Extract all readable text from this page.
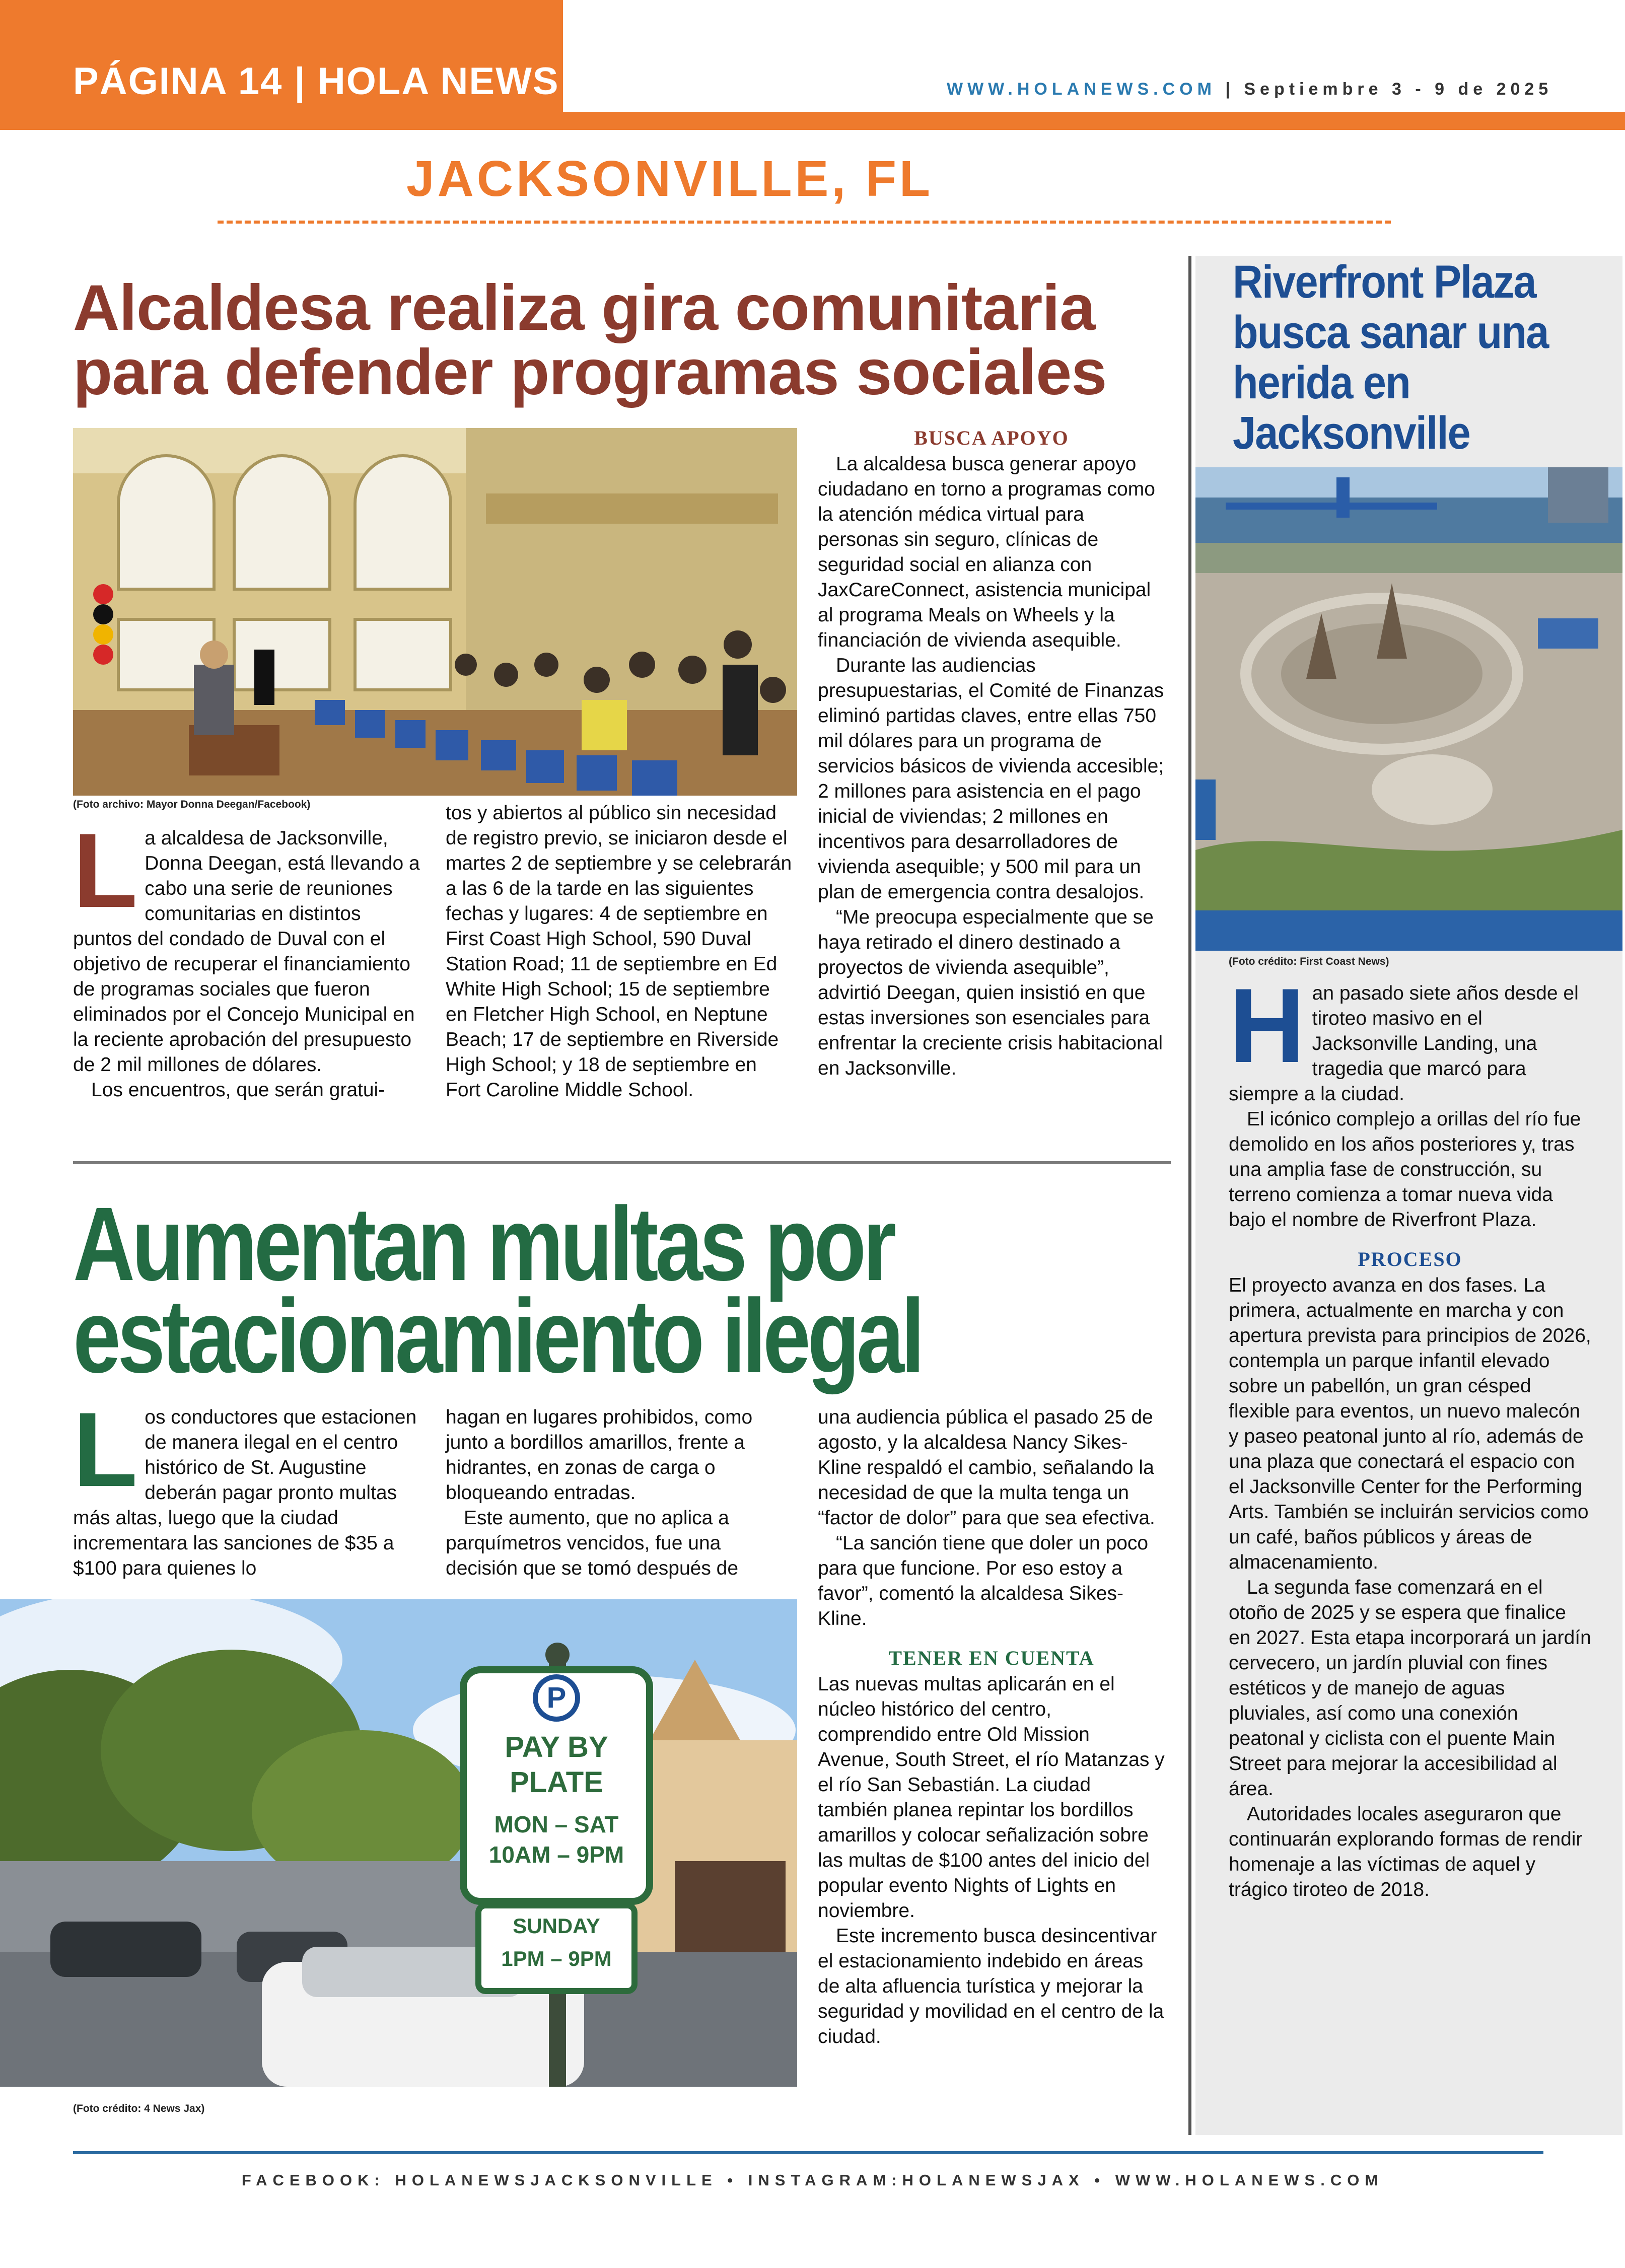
PÁGINA 14 | HOLA NEWS	WWW.HOLANEWS.COM | Septiembre 3 - 9 de 2025
JACKSONVILLE, FL
Alcaldesa realiza gira comunitaria
para defender programas sociales
(Foto archivo: Mayor Donna Deegan/Facebook)

La alcaldesa de Jacksonville, Donna Deegan, está llevando a cabo una serie de reuniones comunitarias en distintos puntos del condado de Duval con el objetivo de recuperar el financiamiento de programas sociales que fueron eliminados por el Concejo Municipal en la reciente aprobación del presupuesto de 2 mil millones de dólares.

Los encuentros, que serán gratui-

tos y abiertos al público sin necesidad de registro previo, se iniciaron desde el martes 2 de septiembre y se celebrarán a las 6 de la tarde en las siguientes fechas y lugares: 4 de septiembre en First Coast High School, 590 Duval Station Road; 11 de septiembre en Ed White High School; 15 de septiembre en Fletcher High School, en Neptune Beach; 17 de septiembre en Riverside High School; y 18 de septiembre en Fort Caroline Middle School.

BUSCA APOYO

La alcaldesa busca generar apoyo ciudadano en torno a programas como la atención médica virtual para personas sin seguro, clínicas de seguridad social en alianza con JaxCareConnect, asistencia municipal al programa Meals on Wheels y la financiación de vivienda asequible.

Durante las audiencias presupuestarias, el Comité de Finanzas eliminó partidas claves, entre ellas 750 mil dólares para un programa de servicios básicos de vivienda accesible; 2 millones para asistencia en el pago inicial de viviendas; 2 millones en incentivos para desarrolladores de vivienda asequible; y 500 mil para un plan de emergencia contra desalojos.

“Me preocupa especialmente que se haya retirado el dinero destinado a proyectos de vivienda asequible”, advirtió Deegan, quien insistió en que estas inversiones son esenciales para enfrentar la creciente crisis habitacional en Jacksonville.

Aumentan multas por
estacionamiento ilegal

Los conductores que estacionen de manera ilegal en el centro histórico de St. Augustine deberán pagar pronto multas más altas, luego que la ciudad incrementara las sanciones de $35 a $100 para quienes lo

hagan en lugares prohibidos, como junto a bordillos amarillos, frente a hidrantes, en zonas de carga o bloqueando entradas.

Este aumento, que no aplica a parquímetros vencidos, fue una decisión que se tomó después de

P
PAY BY
PLATE
MON – SAT
10AM – 9PM
SUNDAY
1PM – 9PM
(Foto crédito: 4 News Jax)

una audiencia pública el pasado 25 de agosto, y la alcaldesa Nancy Sikes-Kline respaldó el cambio, señalando la necesidad de que la multa tenga un “factor de dolor” para que sea efectiva.

“La sanción tiene que doler un poco para que funcione. Por eso estoy a favor”, comentó la alcaldesa Sikes-Kline.

TENER EN CUENTA

Las nuevas multas aplicarán en el núcleo histórico del centro, comprendido entre Old Mission Avenue, South Street, el río Matanzas y el río San Sebastián. La ciudad también planea repintar los bordillos amarillos y colocar señalización sobre las multas de $100 antes del inicio del popular evento Nights of Lights en noviembre.

Este incremento busca desincentivar el estacionamiento indebido en áreas de alta afluencia turística y mejorar la seguridad y movilidad en el centro de la ciudad.

Riverfront Plaza busca sanar una herida en Jacksonville
(Foto crédito: First Coast News)

Han pasado siete años desde el tiroteo masivo en el Jacksonville Landing, una tragedia que marcó para siempre a la ciudad.

El icónico complejo a orillas del río fue demolido en los años posteriores y, tras una amplia fase de construcción, su terreno comienza a tomar nueva vida bajo el nombre de Riverfront Plaza.

PROCESO

El proyecto avanza en dos fases. La primera, actualmente en marcha y con apertura prevista para principios de 2026, contempla un parque infantil elevado sobre un pabellón, un gran césped flexible para eventos, un nuevo malecón y paseo peatonal junto al río, además de una plaza que conectará el espacio con el Jacksonville Center for the Performing Arts. También se incluirán servicios como un café, baños públicos y áreas de almacenamiento.

La segunda fase comenzará en el otoño de 2025 y se espera que finalice en 2027. Esta etapa incorporará un jardín cervecero, un jardín pluvial con fines estéticos y de manejo de aguas pluviales, así como una conexión peatonal y ciclista con el puente Main Street para mejorar la accesibilidad al área.

Autoridades locales aseguraron que continuarán explorando formas de rendir homenaje a las víctimas de aquel y trágico tiroteo de 2018.

FACEBOOK: HOLANEWSJACKSONVILLE • INSTAGRAM:HOLANEWSJAX • WWW.HOLANEWS.COM
